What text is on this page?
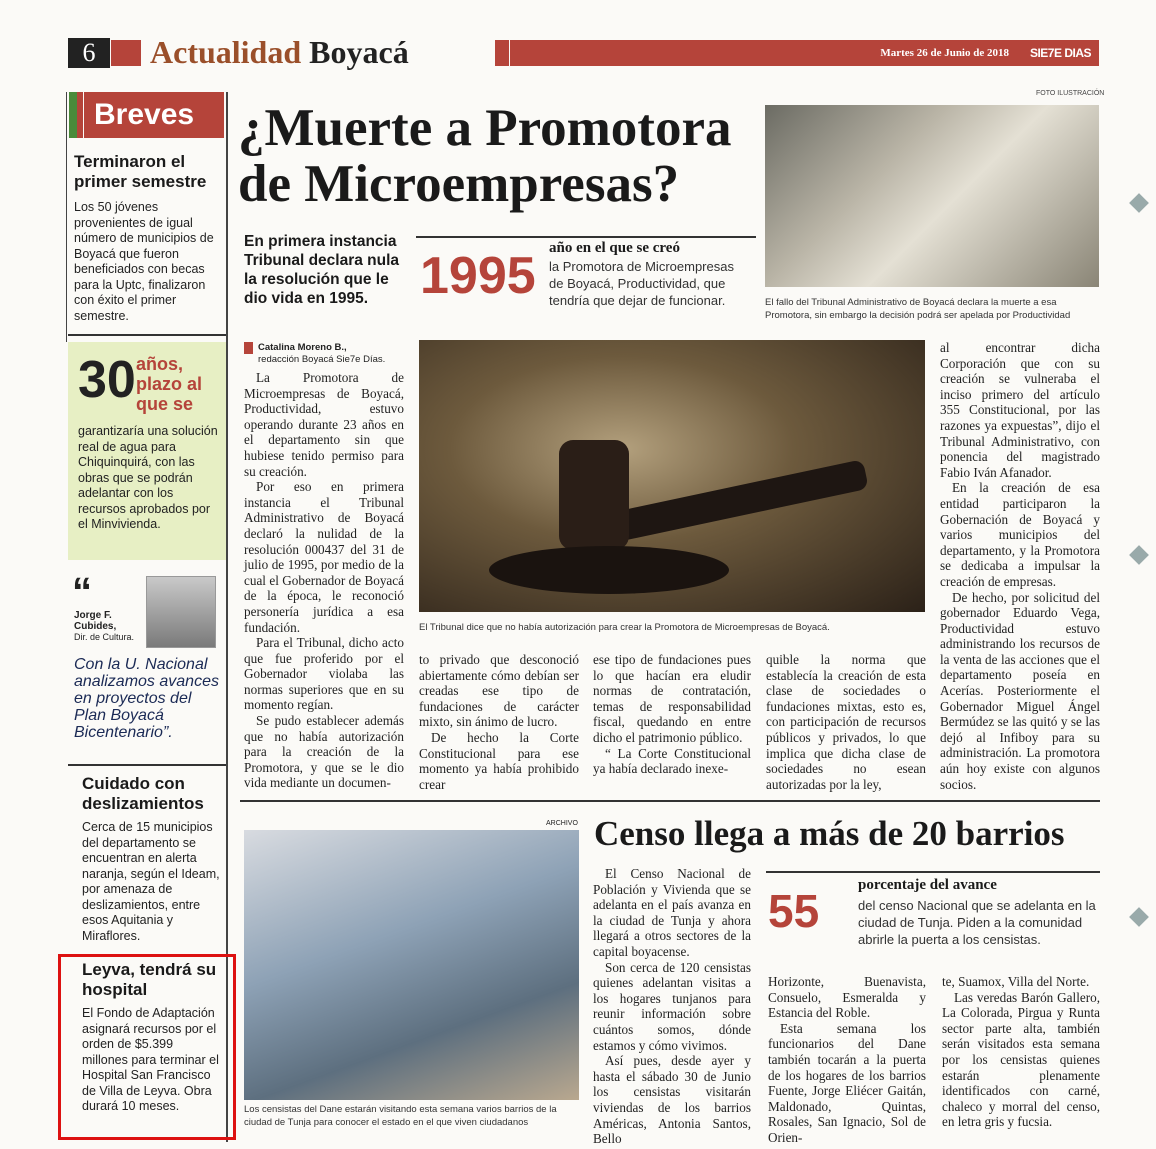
6	Actualidad Boyacá	Martes 26 de Junio de 2018 SIE7E DIAS
FOTO ILUSTRACIÓN
Breves
Terminaron el primer semestre
Los 50 jóvenes provenientes de igual número de municipios de Boyacá que fueron beneficiados con becas para la Uptc, finalizaron con éxito el primer semestre.
30 años, plazo al que se
garantizaría una solución real de agua para Chiquinquirá, con las obras que se podrán adelantar con los recursos aprobados por el Minvivienda.
“
Jorge F. Cubides,
Dir. de Cultura.
Con la U. Nacional analizamos avances en proyectos del Plan Boyacá Bicentenario”.
Cuidado con deslizamientos
Cerca de 15 municipios del departamento se encuentran en alerta naranja, según el Ideam, por amenaza de deslizamientos, entre esos Aquitania y Miraflores.
Leyva, tendrá su hospital
El Fondo de Adaptación asignará recursos por el orden de $5.399 millones para terminar el Hospital San Francisco de Villa de Leyva. Obra durará 10 meses.
¿Muerte a Promotora de Microempresas?
En primera instancia Tribunal declara nula la resolución que le dio vida en 1995. 1995 año en el que se creó
la Promotora de Microempresas de Boyacá, Productividad, que tendría que dejar de funcionar.	El fallo del Tribunal Administrativo de Boyacá declara la muerte a esa Promotora, sin embargo la decisión podrá ser apelada por Productividad
Catalina Moreno B.,
redacción Boyacá Sie7e Días.

La Promotora de Microempresas de Boyacá, Productividad, estuvo operando durante 23 años en el departamento sin que hubiese tenido permiso para su creación.

Por eso en primera instancia el Tribunal Administrativo de Boyacá declaró la nulidad de la resolución 000437 del 31 de julio de 1995, por medio de la cual el Gobernador de Boyacá de la época, le reconoció personería jurídica a esa fundación.

Para el Tribunal, dicho acto que fue proferido por el Gobernador violaba las normas superiores que en su momento regían.

Se pudo establecer además que no había autorización para la creación de la Promotora, y que se le dio vida mediante un documen-

El Tribunal dice que no había autorización para crear la Promotora de Microempresas de Boyacá.

to privado que desconoció abiertamente cómo debían ser creadas ese tipo de fundaciones de carácter mixto, sin ánimo de lucro.

De hecho la Corte Constitucional para ese momento ya había prohibido crear

ese tipo de fundaciones pues lo que hacían era eludir normas de contratación, temas de responsabilidad fiscal, quedando en entre dicho el patrimonio público.

“ La Corte Constitucional ya había declarado inexe-

quible la norma que establecía la creación de esta clase de sociedades o fundaciones mixtas, esto es, con participación de recursos públicos y privados, lo que implica que dicha clase de sociedades no esean autorizadas por la ley,

al encontrar dicha Corporación que con su creación se vulneraba el inciso primero del artículo 355 Constitucional, por las razones ya expuestas”, dijo el Tribunal Administrativo, con ponencia del magistrado Fabio Iván Afanador.

En la creación de esa entidad participaron la Gobernación de Boyacá y varios municipios del departamento, y la Promotora se dedicaba a impulsar la creación de empresas.

De hecho, por solicitud del gobernador Eduardo Vega, Productividad estuvo administrando los recursos de la venta de las acciones que el departamento poseía en Acerías. Posteriormente el Gobernador Miguel Ángel Bermúdez se las quitó y se las dejó al Infiboy para su administración. La promotora aún hoy existe con algunos socios.

ARCHIVO
Los censistas del Dane estarán visitando esta semana varios barrios de la ciudad de Tunja para conocer el estado en el que viven ciudadanos
Censo llega a más de 20 barrios
55	porcentaje del avance
del censo Nacional que se adelanta en la ciudad de Tunja. Piden a la comunidad abrirle la puerta a los censistas.

El Censo Nacional de Población y Vivienda que se adelanta en el país avanza en la ciudad de Tunja y ahora llegará a otros sectores de la capital boyacense.

Son cerca de 120 censistas quienes adelantan visitas a los hogares tunjanos para reunir información sobre cuántos somos, dónde estamos y cómo vivimos.

Así pues, desde ayer y hasta el sábado 30 de Junio los censistas visitarán viviendas de los barrios Américas, Antonia Santos, Bello

Horizonte, Buenavista, Consuelo, Esmeralda y Estancia del Roble.

Esta semana los funcionarios del Dane también tocarán a la puerta de los hogares de los barrios Fuente, Jorge Eliécer Gaitán, Maldonado, Quintas, Rosales, San Ignacio, Sol de Orien-

te, Suamox, Villa del Norte.

Las veredas Barón Gallero, La Colorada, Pirgua y Runta sector parte alta, también serán visitados esta semana por los censistas quienes estarán plenamente identificados con carné, chaleco y morral del censo, en letra gris y fucsia.
